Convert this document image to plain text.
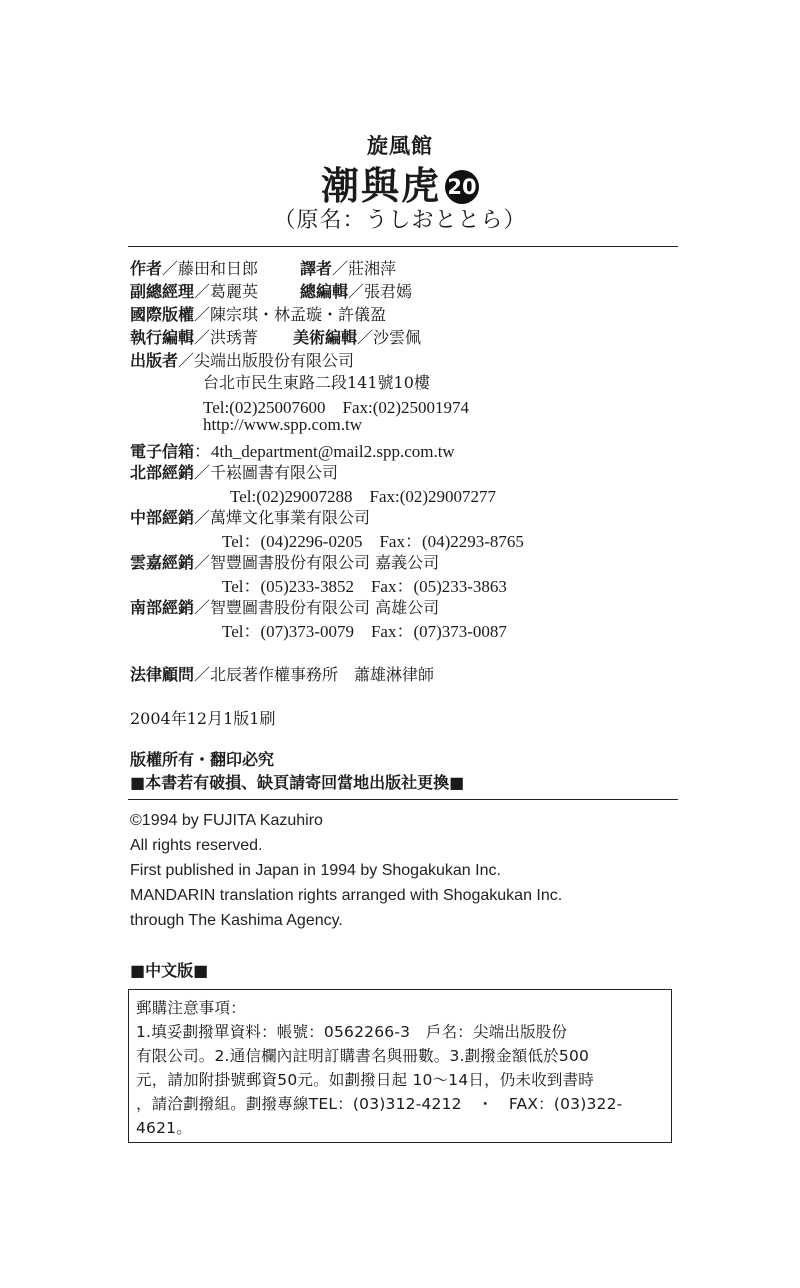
旋風館
潮與虎 20
（原名：うしおととら）
作者／藤田和日郎	譯者／莊湘萍
副總經理／葛麗英	總編輯／張君嫣
國際版權／陳宗琪・林孟璇・許儀盈
執行編輯／洪琇菁 美術編輯／沙雲佩
出版者／尖端出版股份有限公司
台北市民生東路二段141號10樓
Tel:(02)25007600　Fax:(02)25001974
http://www.spp.com.tw
電子信箱：4th_department@mail2.spp.com.tw
北部經銷／千崧圖書有限公司
Tel:(02)29007288　Fax:(02)29007277
中部經銷／萬燁文化事業有限公司
Tel：(04)2296-0205　Fax：(04)2293-8765
雲嘉經銷／智豐圖書股份有限公司 嘉義公司
Tel：(05)233-3852　Fax：(05)233-3863
南部經銷／智豐圖書股份有限公司 高雄公司
Tel：(07)373-0079　Fax：(07)373-0087
法律顧問／北辰著作權事務所　蕭雄淋律師
2004年12月1版1刷
版權所有・翻印必究
■本書若有破損、缺頁請寄回當地出版社更換■
©1994 by FUJITA Kazuhiro
All rights reserved.
First published in Japan in 1994 by Shogakukan Inc.
MANDARIN translation rights arranged with Shogakukan Inc.
through The Kashima Agency.
■中文版■
郵購注意事項：
1.填妥劃撥單資料：帳號：0562266-3　戶名：尖端出版股份
有限公司。2.通信欄內註明訂購書名與冊數。3.劃撥金額低於500
元，請加附掛號郵資50元。如劃撥日起 10～14日，仍未收到書時
，請洽劃撥組。劃撥專線TEL：(03)312-4212　・　FAX：(03)322-
4621。
